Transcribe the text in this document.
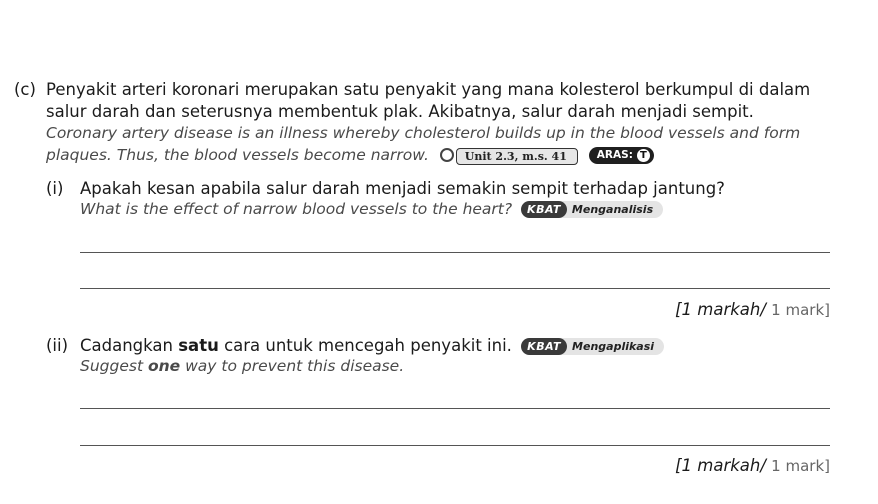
(c) Penyakit arteri koronari merupakan satu penyakit yang mana kolesterol berkumpul di dalam
salur darah dan seterusnya membentuk plak. Akibatnya, salur darah menjadi sempit.
Coronary artery disease is an illness whereby cholesterol builds up in the blood vessels and form
plaques. Thus, the blood vessels become narrow.	Unit 2.3, m.s. 41	ARAS: T
(i) Apakah kesan apabila salur darah menjadi semakin sempit terhadap jantung?
What is the effect of narrow blood vessels to the heart? KBAT Menganalisis
[1 markah/ 1 mark]
(ii) Cadangkan satu cara untuk mencegah penyakit ini. KBAT Mengaplikasi
Suggest one way to prevent this disease.
[1 markah/ 1 mark]
